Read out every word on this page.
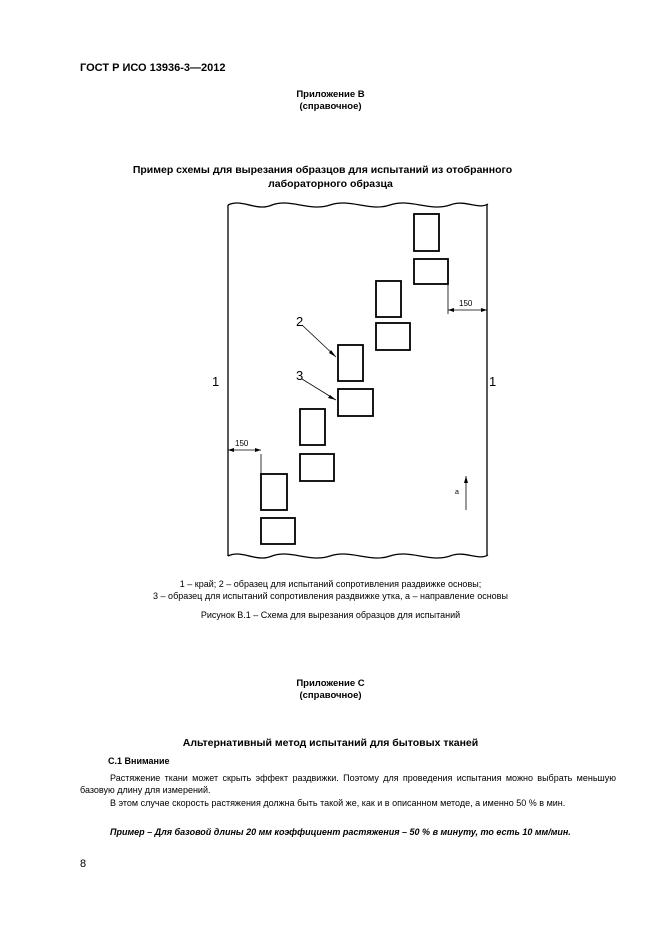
ГОСТ Р ИСО 13936-3—2012
Приложение В
(справочное)
Пример схемы для вырезания образцов для испытаний из отобранного
лабораторного образца
1	1
2
3
150
150
a
1 – край; 2 – образец для испытаний сопротивления раздвижке основы;
3 – образец для испытаний сопротивления раздвижке утка, а – направление основы
Рисунок В.1 – Схема для вырезания образцов для испытаний
Приложение С
(справочное)
Альтернативный метод испытаний для бытовых тканей
С.1 Внимание
Растяжение ткани может скрыть эффект раздвижки. Поэтому для проведения испытания можно выбрать меньшую базовую длину для измерений.
В этом случае скорость растяжения должна быть такой же, как и в описанном методе, а именно 50 % в мин.
Пример – Для базовой длины 20 мм коэффициент растяжения – 50 % в минуту, то есть 10 мм/мин.
8
